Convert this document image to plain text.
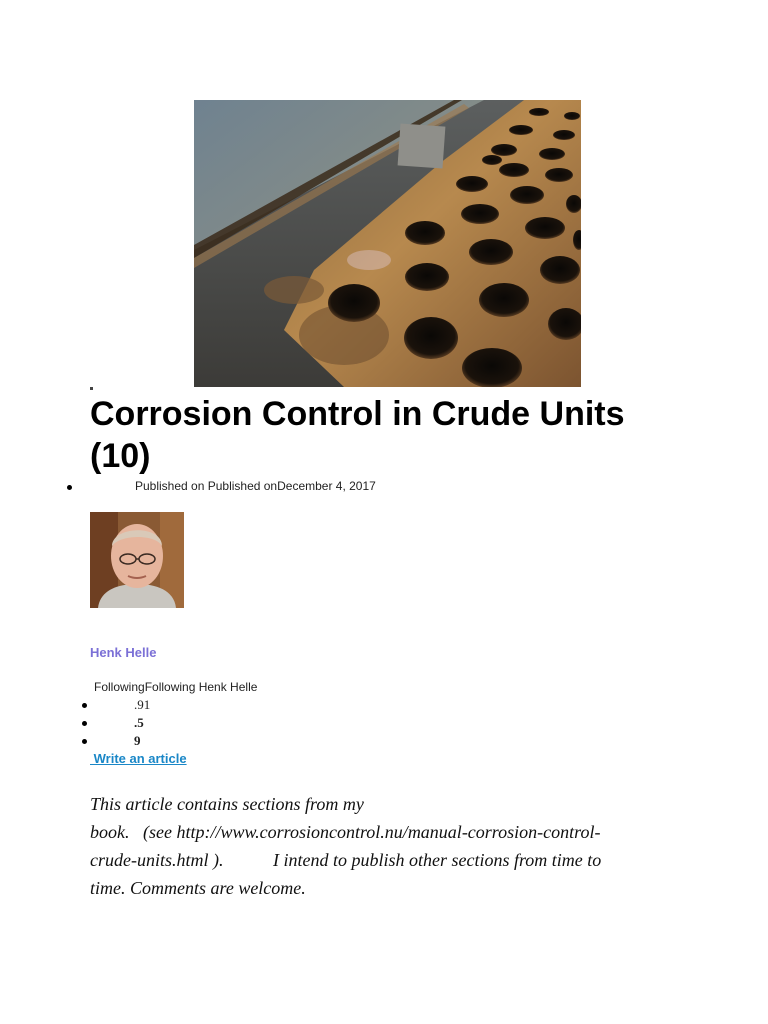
Corrosion Control in Crude Units (10)
Published on Published onDecember 4, 2017
Henk Helle
FollowingFollowing Henk Helle
.91
.5
9
Write an article

This article contains sections from my
book.   (see http://www.corrosioncontrol.nu/manual-corrosion-control-
crude-units.html ).           I intend to publish other sections from time to
time. Comments are welcome.
